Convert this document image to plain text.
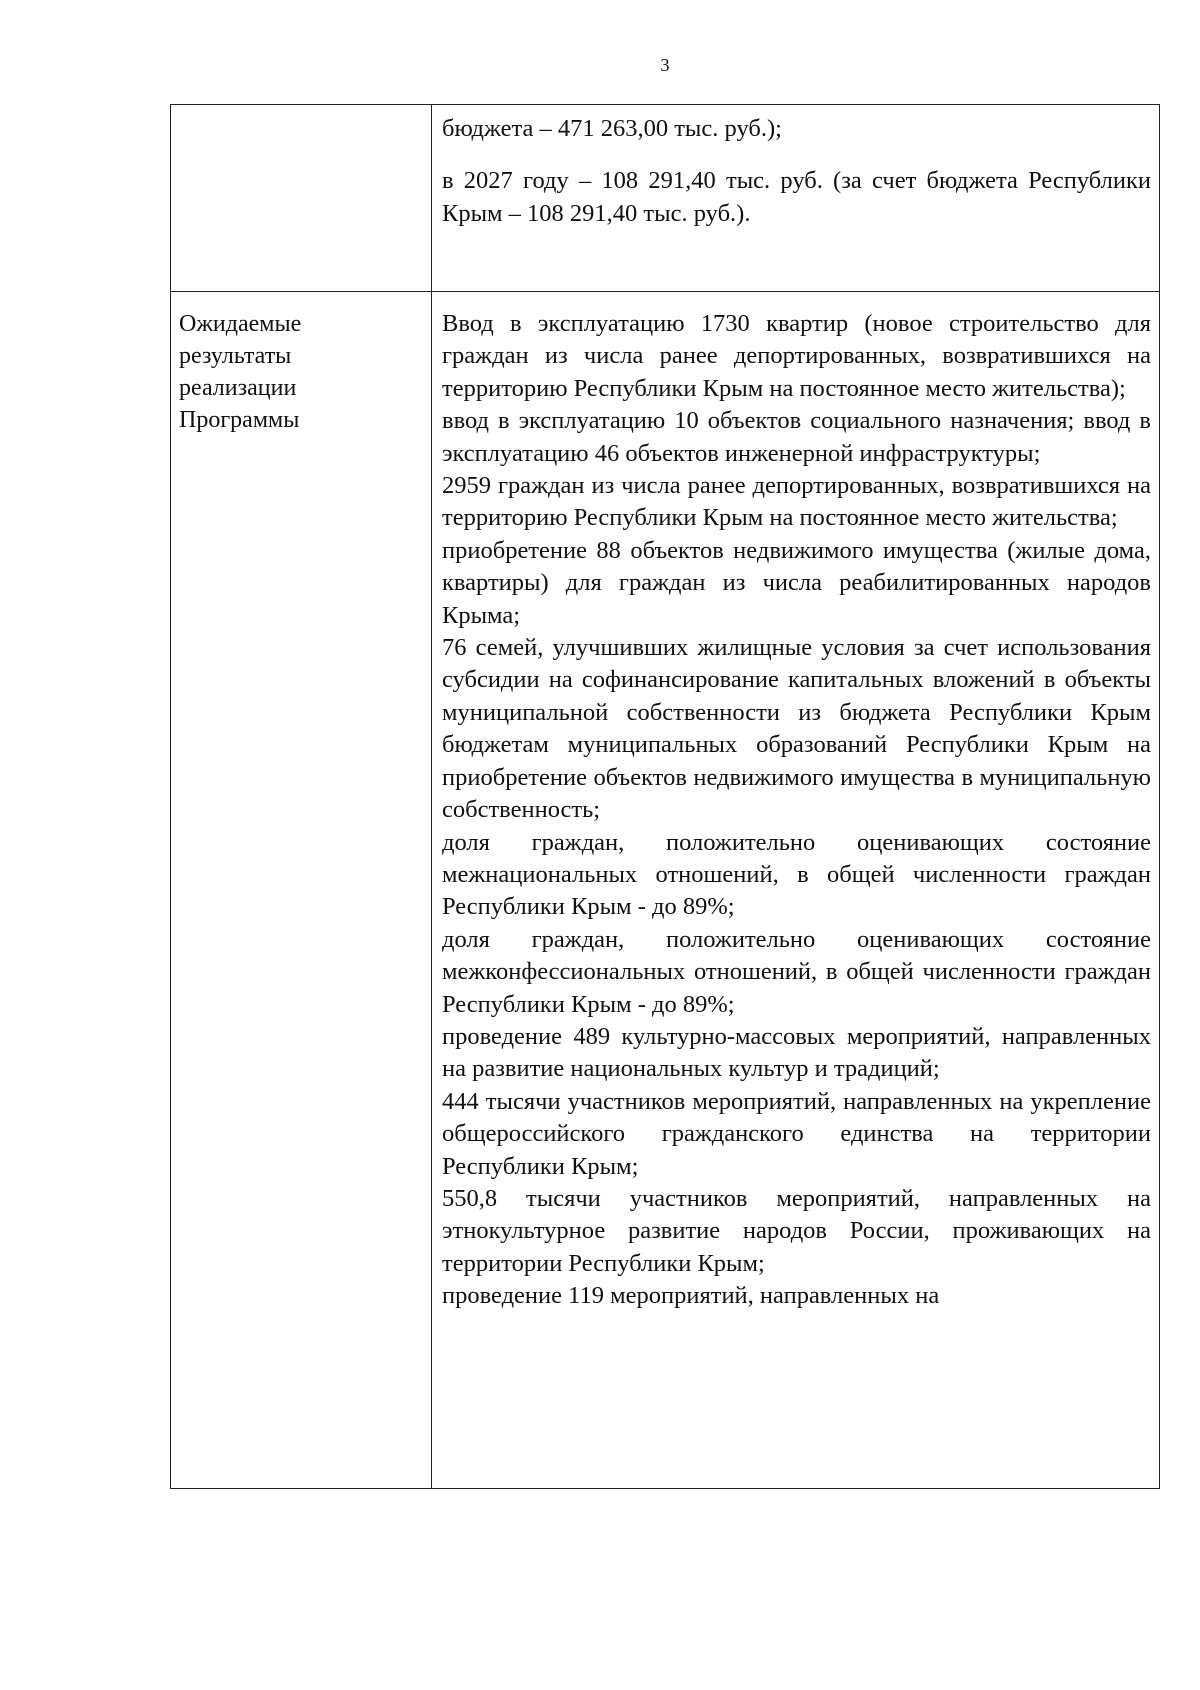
3

бюджета – 471 263,00 тыс. руб.);

в 2027 году – 108 291,40 тыс. руб. (за счет бюджета Республики Крым – 108 291,40 тыс. руб.).

Ожидаемые
результаты
реализации
Программы

Ввод в эксплуатацию 1730 квартир (новое строительство для граждан из числа ранее депортированных, возвратившихся на территорию Республики Крым на постоянное место жительства);

ввод в эксплуатацию 10 объектов социального назначения; ввод в эксплуатацию 46 объектов инженерной инфраструктуры;

2959 граждан из числа ранее депортированных, возвратившихся на территорию Республики Крым на постоянное место жительства;

приобретение 88 объектов недвижимого имущества (жилые дома, квартиры) для граждан из числа реабилитированных народов Крыма;

76 семей, улучшивших жилищные условия за счет использования субсидии на софинансирование капитальных вложений в объекты муниципальной собственности из бюджета Республики Крым бюджетам муниципальных образований Республики Крым на приобретение объектов недвижимого имущества в муниципальную собственность;

доля граждан, положительно оценивающих состояние межнациональных отношений, в общей численности граждан Республики Крым - до 89%;

доля граждан, положительно оценивающих состояние межконфессиональных отношений, в общей численности граждан Республики Крым - до 89%;

проведение 489 культурно-массовых мероприятий, направленных на развитие национальных культур и традиций;

444 тысячи участников мероприятий, направленных на укрепление общероссийского гражданского единства на территории Республики Крым;

550,8 тысячи участников мероприятий, направленных на этнокультурное развитие народов России, проживающих на территории Республики Крым;

проведение 119 мероприятий, направленных на
